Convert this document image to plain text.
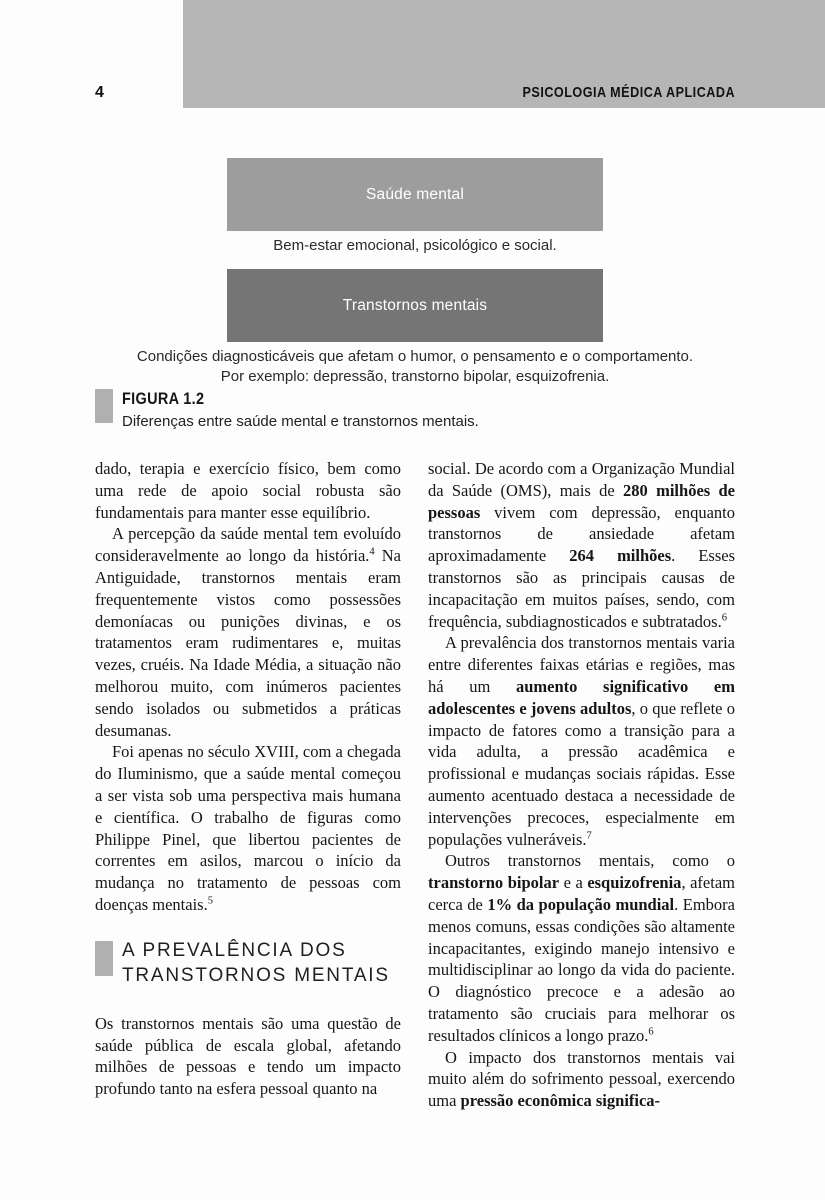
PSICOLOGIA MÉDICA APLICADA
4
Saúde mental
Bem-estar emocional, psicológico e social.
Transtornos mentais
Condições diagnosticáveis que afetam o humor, o pensamento e o comportamento.
Por exemplo: depressão, transtorno bipolar, esquizofrenia.
FIGURA 1.2
Diferenças entre saúde mental e transtornos mentais.

dado, terapia e exercício físico, bem como uma rede de apoio social robusta são fundamentais para manter esse equilíbrio.

A percepção da saúde mental tem evoluído consideravelmente ao longo da história.$^4$ Na Antiguidade, transtornos mentais eram frequentemente vistos como possessões demoníacas ou punições divinas, e os tratamentos eram rudimentares e, muitas vezes, cruéis. Na Idade Média, a situação não melhorou muito, com inúmeros pacientes sendo isolados ou submetidos a práticas desumanas.

Foi apenas no século XVIII, com a chegada do Iluminismo, que a saúde mental começou a ser vista sob uma perspectiva mais humana e científica. O trabalho de figuras como Philippe Pinel, que libertou pacientes de correntes em asilos, marcou o início da mudança no tratamento de pessoas com doenças mentais.$^5$

A PREVALÊNCIA DOS
TRANSTORNOS MENTAIS

Os transtornos mentais são uma questão de saúde pública de escala global, afetando milhões de pessoas e tendo um impacto profundo tanto na esfera pessoal quanto na

social. De acordo com a Organização Mundial da Saúde (OMS), mais de 280 milhões de pessoas vivem com depressão, enquanto transtornos de ansiedade afetam aproximadamente 264 milhões. Esses transtornos são as principais causas de incapacitação em muitos países, sendo, com frequência, subdiagnosticados e subtratados.$^6$

A prevalência dos transtornos mentais varia entre diferentes faixas etárias e regiões, mas há um aumento significativo em adolescentes e jovens adultos, o que reflete o impacto de fatores como a transição para a vida adulta, a pressão acadêmica e profissional e mudanças sociais rápidas. Esse aumento acentuado destaca a necessidade de intervenções precoces, especialmente em populações vulneráveis.$^7$

Outros transtornos mentais, como o transtorno bipolar e a esquizofrenia, afetam cerca de 1% da população mundial. Embora menos comuns, essas condições são altamente incapacitantes, exigindo manejo intensivo e multidisciplinar ao longo da vida do paciente. O diagnóstico precoce e a adesão ao tratamento são cruciais para melhorar os resultados clínicos a longo prazo.$^6$

O impacto dos transtornos mentais vai muito além do sofrimento pessoal, exercendo uma pressão econômica significa-
